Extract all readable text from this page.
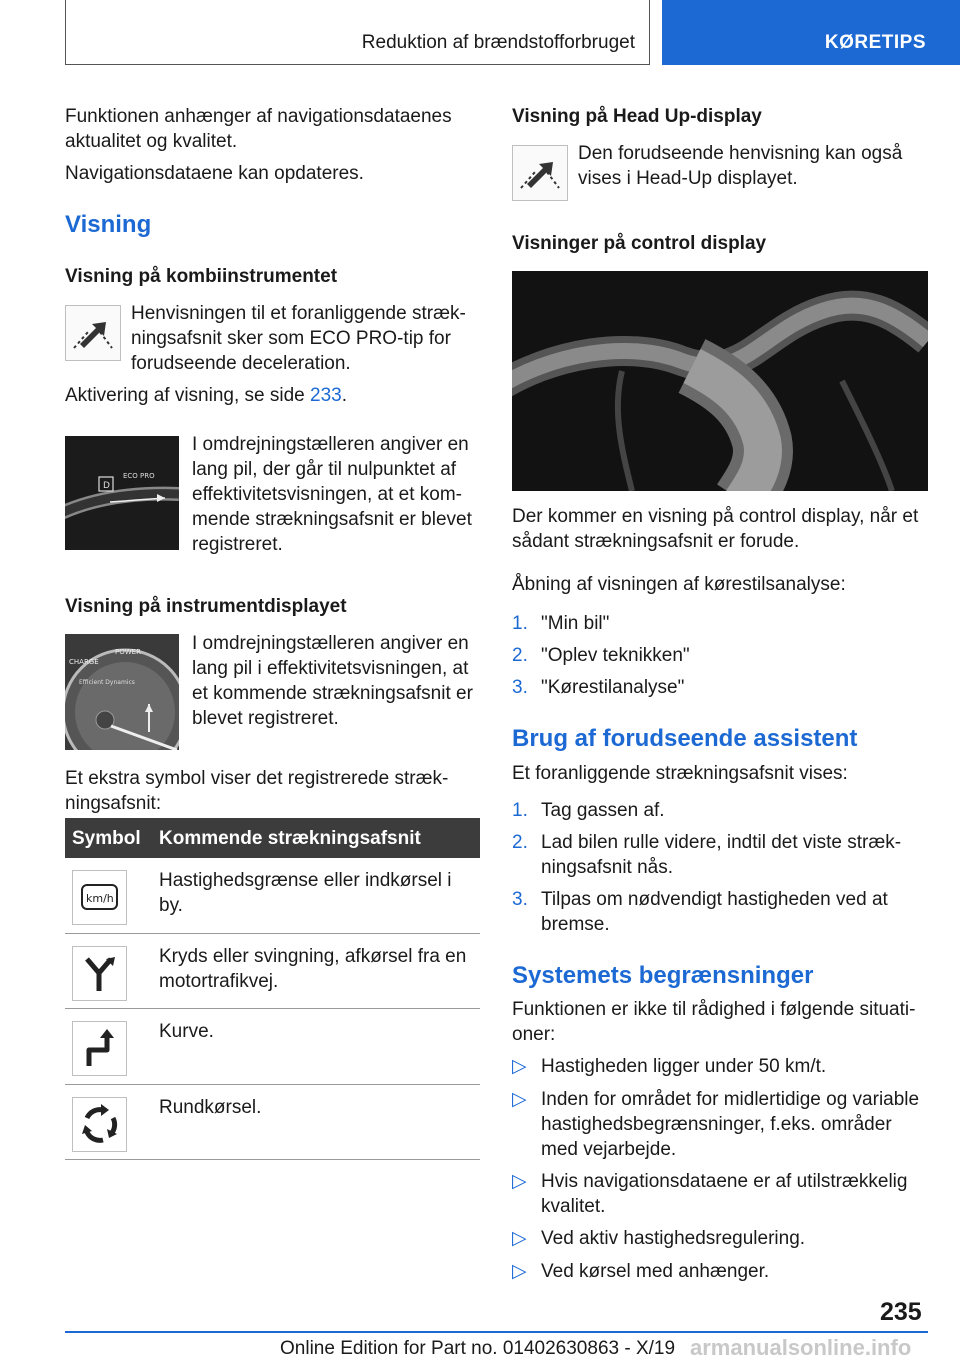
Reduktion af brændstofforbruget	KØRETIPS
Funktionen anhænger af navigationsdataenes aktualitet og kvalitet.
Navigationsdataene kan opdateres.
Visning
Visning på kombiinstrumentet
Henvisningen til et foranliggende stræk- ningsafsnit sker som ECO PRO-tip for forudseende deceleration.
Aktivering af visning, se side 233.
D
ECO PRO
I omdrejningstælleren angiver en lang pil, der går til nulpunktet af effektivitetsvisningen, at et kom- mende strækningsafsnit er blevet registreret.
Visning på instrumentdisplayet
CHARGE
POWER
Efficient Dynamics
I omdrejningstælleren angiver en lang pil i effektivitetsvisningen, at et kommende strækningsafsnit er blevet registreret.
Et ekstra symbol viser det registrerede stræk- ningsafsnit:
Symbol Kommende strækningsafsnit
km/h
Hastighedsgrænse eller indkørsel i by.
Kryds eller svingning, afkørsel fra en motortrafikvej.
Kurve.
Rundkørsel.
Visning på Head Up-display
Den forudseende henvisning kan også vises i Head-Up displayet.
Visninger på control display
Der kommer en visning på control display, når et sådant strækningsafsnit er forude.
Åbning af visningen af kørestilsanalyse:
1. "Min bil"
2. "Oplev teknikken"
3. "Kørestilanalyse"
Brug af forudseende assistent
Et foranliggende strækningsafsnit vises:
1. Tag gassen af.
2. Lad bilen rulle videre, indtil det viste stræk- ningsafsnit nås.
3. Tilpas om nødvendigt hastigheden ved at bremse.
Systemets begrænsninger
Funktionen er ikke til rådighed i følgende situati- oner:
▷ Hastigheden ligger under 50 km/t.
▷ Inden for området for midlertidige og variable hastighedsbegrænsninger, f.eks. områder med vejarbejde.
▷ Hvis navigationsdataene er af utilstrækkelig kvalitet.
▷ Ved aktiv hastighedsregulering.
▷ Ved kørsel med anhænger.
235
Online Edition for Part no. 01402630863 - X/19 armanualsonline.info
